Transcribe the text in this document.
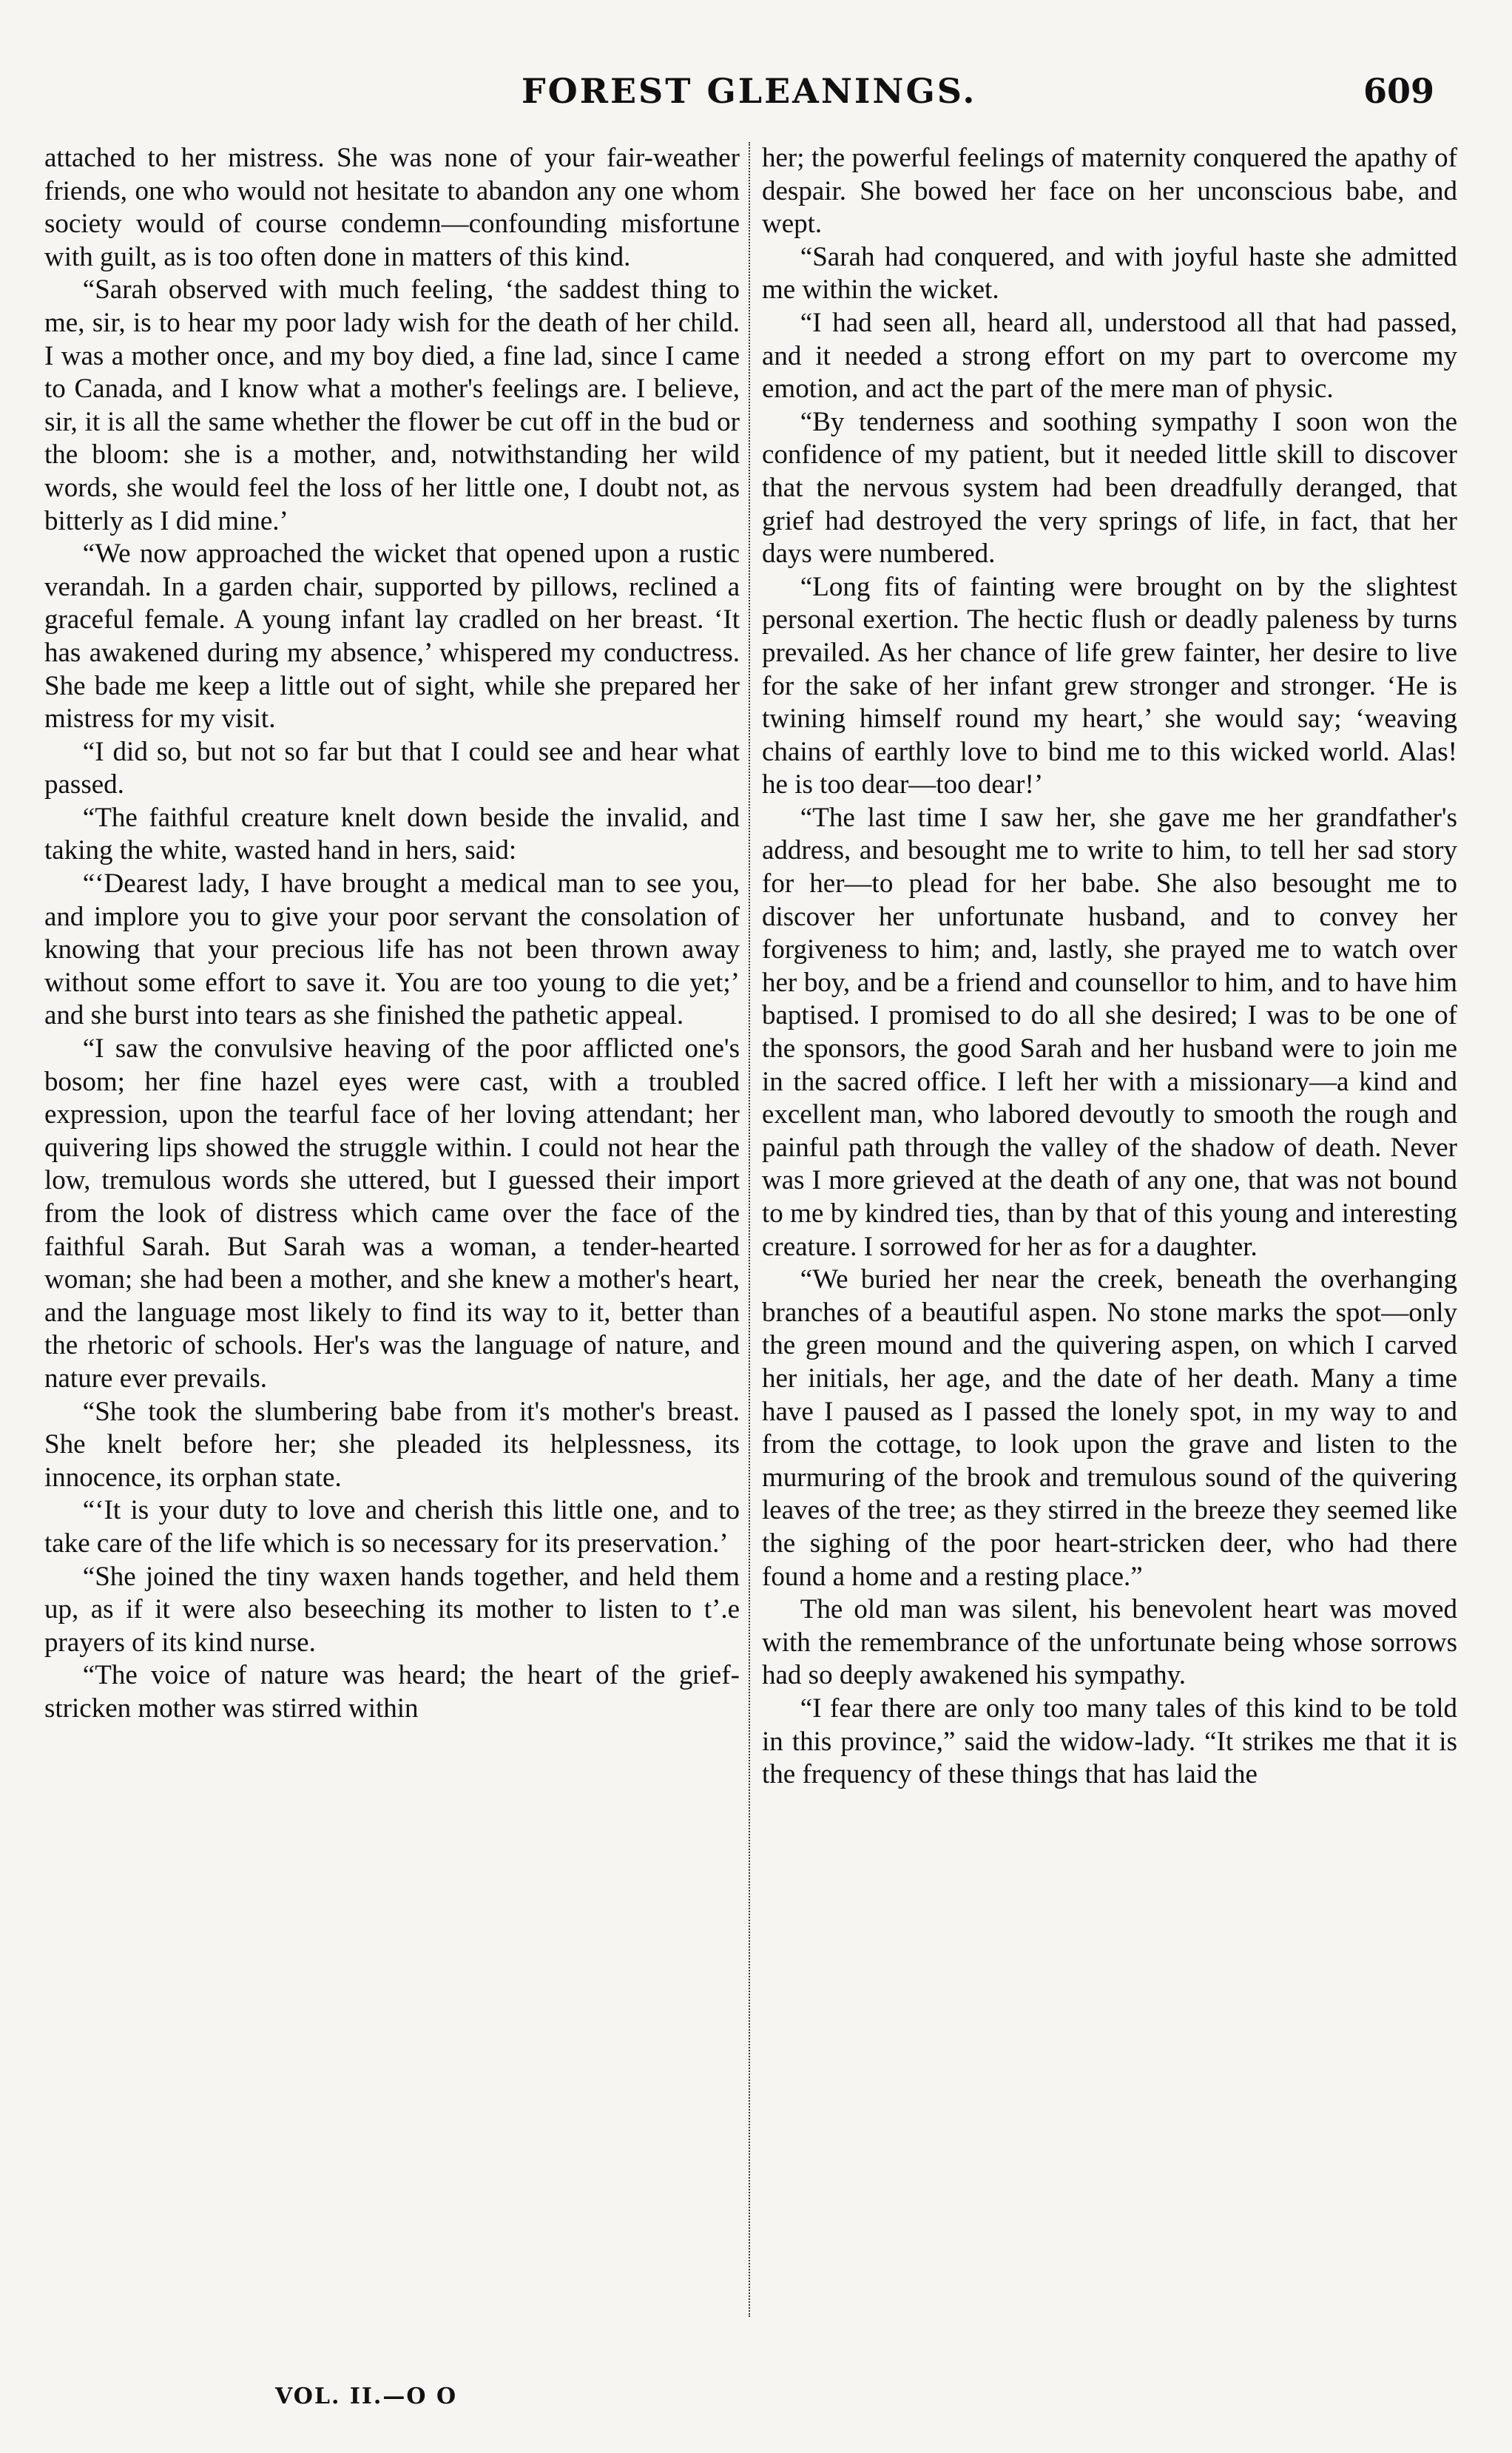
FOREST GLEANINGS.	609

attached to her mistress. She was none of your fair-weather friends, one who would not hesitate to abandon any one whom society would of course condemn—confounding misfortune with guilt, as is too often done in matters of this kind.

“Sarah observed with much feeling, ‘the saddest thing to me, sir, is to hear my poor lady wish for the death of her child. I was a mother once, and my boy died, a fine lad, since I came to Canada, and I know what a mother's feelings are. I believe, sir, it is all the same whether the flower be cut off in the bud or the bloom: she is a mother, and, notwithstanding her wild words, she would feel the loss of her little one, I doubt not, as bitterly as I did mine.’

“We now approached the wicket that opened upon a rustic verandah. In a garden chair, supported by pillows, reclined a graceful female. A young infant lay cradled on her breast. ‘It has awakened during my absence,’ whispered my conductress. She bade me keep a little out of sight, while she prepared her mistress for my visit.

“I did so, but not so far but that I could see and hear what passed.

“The faithful creature knelt down beside the invalid, and taking the white, wasted hand in hers, said:

“‘Dearest lady, I have brought a medical man to see you, and implore you to give your poor servant the consolation of knowing that your precious life has not been thrown away without some effort to save it. You are too young to die yet;’ and she burst into tears as she finished the pathetic appeal.

“I saw the convulsive heaving of the poor afflicted one's bosom; her fine hazel eyes were cast, with a troubled expression, upon the tearful face of her loving attendant; her quivering lips showed the struggle within. I could not hear the low, tremulous words she uttered, but I guessed their import from the look of distress which came over the face of the faithful Sarah. But Sarah was a woman, a tender-hearted woman; she had been a mother, and she knew a mother's heart, and the language most likely to find its way to it, better than the rhetoric of schools. Her's was the language of nature, and nature ever prevails.

“She took the slumbering babe from it's mother's breast. She knelt before her; she pleaded its helplessness, its innocence, its orphan state.

“‘It is your duty to love and cherish this little one, and to take care of the life which is so necessary for its preservation.’

“She joined the tiny waxen hands together, and held them up, as if it were also beseeching its mother to listen to t’.e prayers of its kind nurse.

“The voice of nature was heard; the heart of the grief-stricken mother was stirred within

her; the powerful feelings of maternity conquered the apathy of despair. She bowed her face on her unconscious babe, and wept.

“Sarah had conquered, and with joyful haste she admitted me within the wicket.

“I had seen all, heard all, understood all that had passed, and it needed a strong effort on my part to overcome my emotion, and act the part of the mere man of physic.

“By tenderness and soothing sympathy I soon won the confidence of my patient, but it needed little skill to discover that the nervous system had been dreadfully deranged, that grief had destroyed the very springs of life, in fact, that her days were numbered.

“Long fits of fainting were brought on by the slightest personal exertion. The hectic flush or deadly paleness by turns prevailed. As her chance of life grew fainter, her desire to live for the sake of her infant grew stronger and stronger. ‘He is twining himself round my heart,’ she would say; ‘weaving chains of earthly love to bind me to this wicked world. Alas! he is too dear—too dear!’

“The last time I saw her, she gave me her grandfather's address, and besought me to write to him, to tell her sad story for her—to plead for her babe. She also besought me to discover her unfortunate husband, and to convey her forgiveness to him; and, lastly, she prayed me to watch over her boy, and be a friend and counsellor to him, and to have him baptised. I promised to do all she desired; I was to be one of the sponsors, the good Sarah and her husband were to join me in the sacred office. I left her with a missionary—a kind and excellent man, who labored devoutly to smooth the rough and painful path through the valley of the shadow of death. Never was I more grieved at the death of any one, that was not bound to me by kindred ties, than by that of this young and interesting creature. I sorrowed for her as for a daughter.

“We buried her near the creek, beneath the overhanging branches of a beautiful aspen. No stone marks the spot—only the green mound and the quivering aspen, on which I carved her initials, her age, and the date of her death. Many a time have I paused as I passed the lonely spot, in my way to and from the cottage, to look upon the grave and listen to the murmuring of the brook and tremulous sound of the quivering leaves of the tree; as they stirred in the breeze they seemed like the sighing of the poor heart-stricken deer, who had there found a home and a resting place.”

The old man was silent, his benevolent heart was moved with the remembrance of the unfortunate being whose sorrows had so deeply awakened his sympathy.

“I fear there are only too many tales of this kind to be told in this province,” said the widow-lady. “It strikes me that it is the frequency of these things that has laid the

VOL. II.—O O
